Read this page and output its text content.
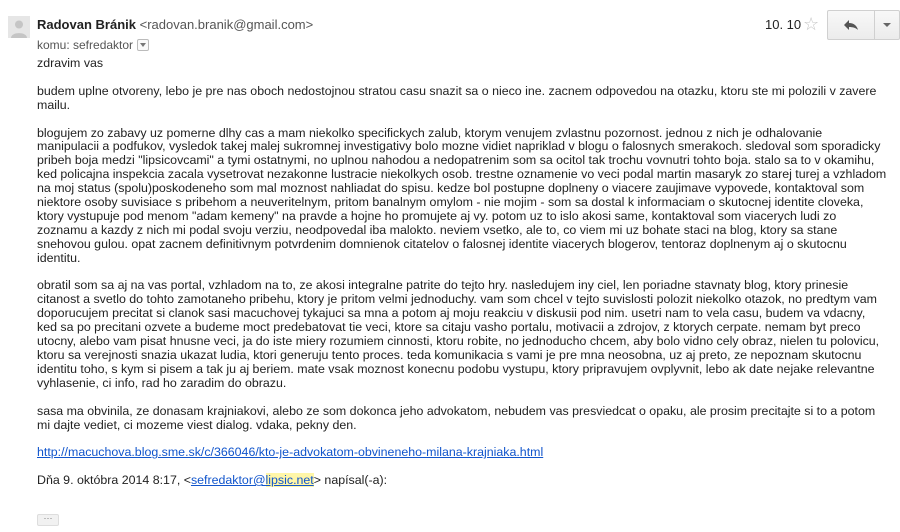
Radovan Bránik <radovan.branik@gmail.com>
komu: sefredaktor
10. 10 ☆

zdravim vas

budem uplne otvoreny, lebo je pre nas oboch nedostojnou stratou casu snazit sa o nieco ine. zacnem odpovedou na otazku, ktoru ste mi polozili v zavere mailu.

blogujem zo zabavy uz pomerne dlhy cas a mam niekolko specifickych zalub, ktorym venujem zvlastnu pozornost. jednou z nich je odhalovanie manipulacii a podfukov, vysledok takej malej sukromnej investigativy bolo mozne vidiet napriklad v blogu o falosnych smerakoch. sledoval som sporadicky pribeh boja medzi "lipsicovcami" a tymi ostatnymi, no uplnou nahodou a nedopatrenim som sa ocitol tak trochu vovnutri tohto boja. stalo sa to v okamihu, ked policajna inspekcia zacala vysetrovat nezakonne lustracie niekolkych osob. trestne oznamenie vo veci podal martin masaryk zo starej turej a vzhladom na moj status (spolu)poskodeneho som mal moznost nahliadat do spisu. kedze bol postupne doplneny o viacere zaujimave vypovede, kontaktoval som niektore osoby suvisiace s pribehom a neuveritelnym, pritom banalnym omylom - nie mojim - som sa dostal k informaciam o skutocnej identite cloveka, ktory vystupuje pod menom "adam kemeny" na pravde a hojne ho promujete aj vy. potom uz to islo akosi same, kontaktoval som viacerych ludi zo zoznamu a kazdy z nich mi podal svoju verziu, neodpovedal iba malokto. neviem vsetko, ale to, co viem mi uz bohate staci na blog, ktory sa stane snehovou gulou. opat zacnem definitivnym potvrdenim domnienok citatelov o falosnej identite viacerych blogerov, tentoraz doplnenym aj o skutocnu identitu.

obratil som sa aj na vas portal, vzhladom na to, ze akosi integralne patrite do tejto hry. nasledujem iny ciel, len poriadne stavnaty blog, ktory prinesie citanost a svetlo do tohto zamotaneho pribehu, ktory je pritom velmi jednoduchy. vam som chcel v tejto suvislosti polozit niekolko otazok, no predtym vam doporucujem precitat si clanok sasi macuchovej tykajuci sa mna a potom aj moju reakciu v diskusii pod nim. usetri nam to vela casu, budem va vdacny, ked sa po precitani ozvete a budeme moct predebatovat tie veci, ktore sa citaju vasho portalu, motivacii a zdrojov, z ktorych cerpate. nemam byt preco utocny, alebo vam pisat hnusne veci, ja do iste miery rozumiem cinnosti, ktoru robite, no jednoducho chcem, aby bolo vidno cely obraz, nielen tu polovicu, ktoru sa verejnosti snazia ukazat ludia, ktori generuju tento proces. teda komunikacia s vami je pre mna neosobna, uz aj preto, ze nepoznam skutocnu identitu toho, s kym si pisem a tak ju aj beriem. mate vsak moznost konecnu podobu vystupu, ktory pripravujem ovplyvnit, lebo ak date nejake relevantne vyhlasenie, ci info, rad ho zaradim do obrazu.

sasa ma obvinila, ze donasam krajniakovi, alebo ze som dokonca jeho advokatom, nebudem vas presviedcat o opaku, ale prosim precitajte si to a potom mi dajte vediet, ci mozeme viest dialog. vdaka, pekny den.

http://macuchova.blog.sme.sk/c/366046/kto-je-advokatom-obvineneho-milana-krajniaka.html

Dňa 9. októbra 2014 8:17, <sefredaktor@lipsic.net> napísal(-a):

···
